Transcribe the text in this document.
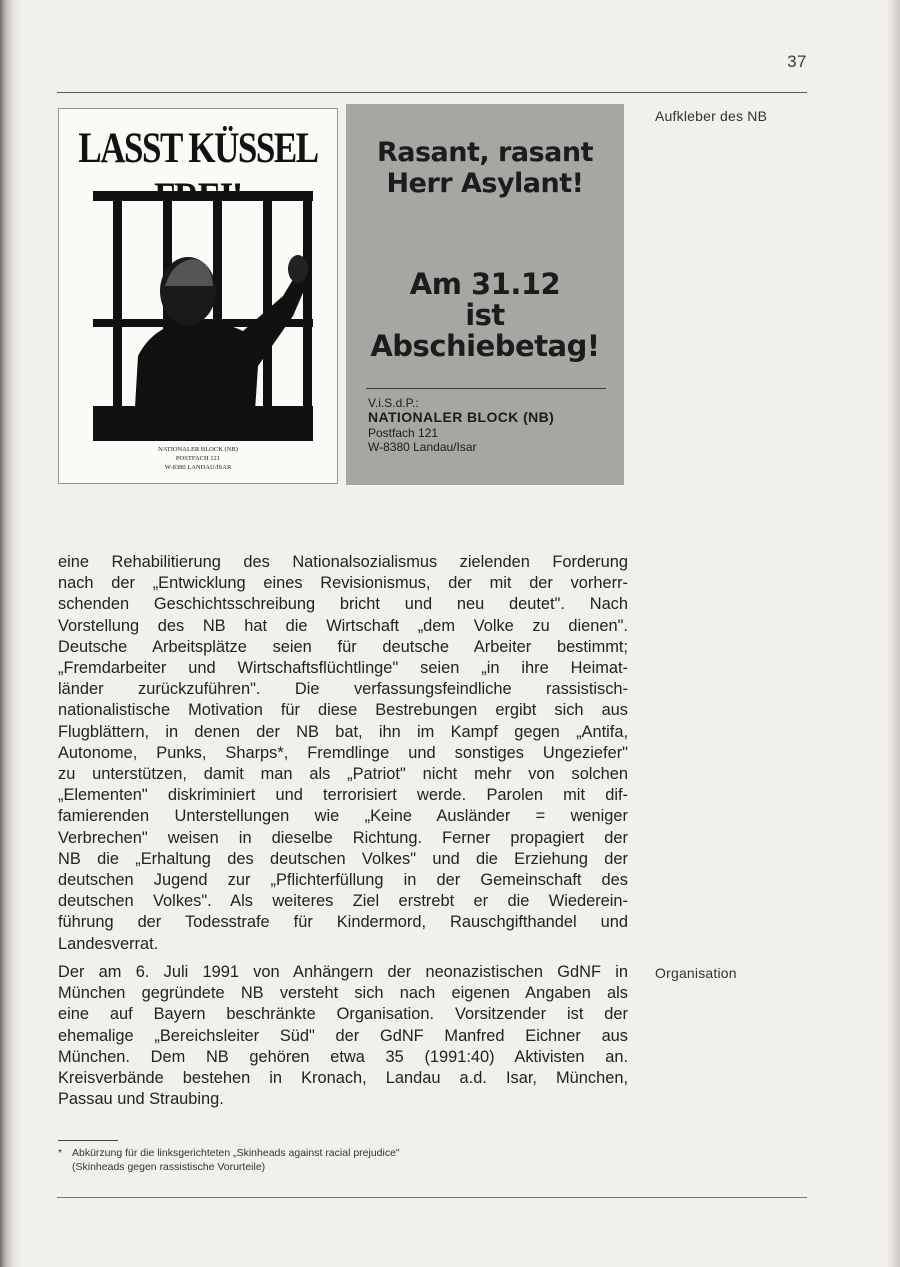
37
Aufkleber des NB
LASST KÜSSEL
NATIONALER BLOCK (NB)
POSTFACH 121
W-8380 LANDAU/ISAR
Rasant, rasant
Herr Asylant!
Am 31.12
ist
Abschiebetag!
V.i.S.d.P.:
NATIONALER BLOCK (NB)
Postfach 121
W-8380 Landau/Isar
eine Rehabilitierung des Nationalsozialismus zielenden Forderung
nach der „Entwicklung eines Revisionismus, der mit der vorherr-
schenden Geschichtsschreibung bricht und neu deutet". Nach
Vorstellung des NB hat die Wirtschaft „dem Volke zu dienen".
Deutsche Arbeitsplätze seien für deutsche Arbeiter bestimmt;
„Fremdarbeiter und Wirtschaftsflüchtlinge" seien „in ihre Heimat-
länder zurückzuführen". Die verfassungsfeindliche rassistisch-
nationalistische Motivation für diese Bestrebungen ergibt sich aus
Flugblättern, in denen der NB bat, ihn im Kampf gegen „Antifa,
Autonome, Punks, Sharps*, Fremdlinge und sonstiges Ungeziefer"
zu unterstützen, damit man als „Patriot" nicht mehr von solchen
„Elementen" diskriminiert und terrorisiert werde. Parolen mit dif-
famierenden Unterstellungen wie „Keine Ausländer = weniger
Verbrechen" weisen in dieselbe Richtung. Ferner propagiert der
NB die „Erhaltung des deutschen Volkes" und die Erziehung der
deutschen Jugend zur „Pflichterfüllung in der Gemeinschaft des
deutschen Volkes". Als weiteres Ziel erstrebt er die Wiederein-
führung der Todesstrafe für Kindermord, Rauschgifthandel und
Landesverrat.
Organisation
Der am 6. Juli 1991 von Anhängern der neonazistischen GdNF in
München gegründete NB versteht sich nach eigenen Angaben als
eine auf Bayern beschränkte Organisation. Vorsitzender ist der
ehemalige „Bereichsleiter Süd" der GdNF Manfred Eichner aus
München. Dem NB gehören etwa 35 (1991:40) Aktivisten an.
Kreisverbände bestehen in Kronach, Landau a.d. Isar, München,
Passau und Straubing.
* Abkürzung für die linksgerichteten „Skinheads against racial prejudice"
(Skinheads gegen rassistische Vorurteile)
